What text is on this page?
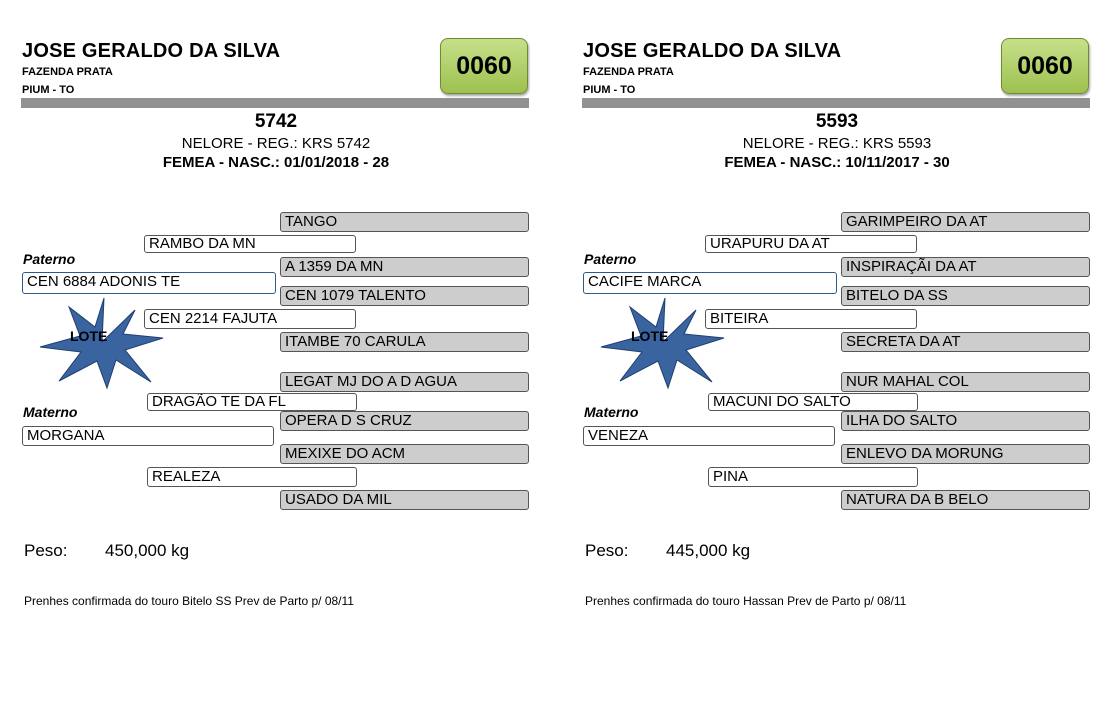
JOSE GERALDO DA SILVA
FAZENDA PRATA
PIUM - TO
0060
5742
NELORE - REG.: KRS 5742
FEMEA - NASC.: 01/01/2018 - 28
TANGO
RAMBO DA MN
Paterno	A 1359 DA MN
CEN 6884 ADONIS TE
CEN 1079 TALENTO
CEN 2214 FAJUTA
ITAMBE 70 CARULA
LOTE
LEGAT MJ DO A D AGUA
DRAGÃO TE DA FL
Materno	OPERA D S CRUZ
MORGANA
MEXIXE DO ACM
REALEZA
USADO DA MIL
Peso: 450,000 kg
Prenhes confirmada do touro Bitelo SS Prev de Parto p/ 08/11
JOSE GERALDO DA SILVA
FAZENDA PRATA
PIUM - TO
0060
5593
NELORE - REG.: KRS 5593
FEMEA - NASC.: 10/11/2017 - 30
GARIMPEIRO DA AT
URAPURU DA AT
Paterno	INSPIRAÇÃI DA AT
CACIFE MARCA
BITELO DA SS
BITEIRA
SECRETA DA AT
LOTE
NUR MAHAL COL
MACUNI DO SALTO
Materno	ILHA DO SALTO
VENEZA
ENLEVO DA MORUNG
PINA
NATURA DA B BELO
Peso: 445,000 kg
Prenhes confirmada do touro Hassan Prev de Parto p/ 08/11
